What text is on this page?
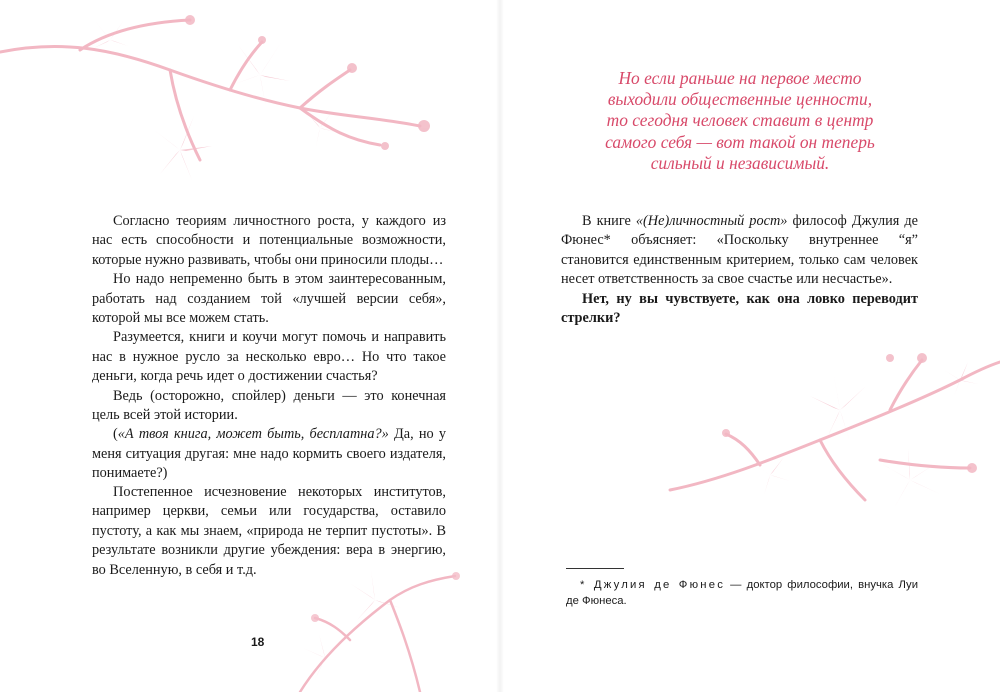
Согласно теориям личностного роста, у каждого из нас есть способности и потенциальные возможности, которые нужно развивать, чтобы они приносили плоды…

Но надо непременно быть в этом заинтересованным, работать над созданием той «лучшей версии себя», которой мы все можем стать.

Разумеется, книги и коучи могут помочь и направить нас в нужное русло за несколько евро… Но что такое деньги, когда речь идет о достижении счастья?

Ведь (осторожно, спойлер) деньги — это конечная цель всей этой истории.

(«А твоя книга, может быть, бесплатна?» Да, но у меня ситуация другая: мне надо кормить своего издателя, понимаете?)

Постепенное исчезновение некоторых институтов, например церкви, семьи или государства, оставило пустоту, а как мы знаем, «природа не терпит пустоты». В результате возникли другие убеждения: вера в энергию, во Вселенную, в себя и т.д.

18
Но если раньше на первое место
выходили общественные ценности,
то сегодня человек ставит в центр
самого себя — вот такой он теперь
сильный и независимый.

В книге «(Не)личностный рост» философ Джулия де Фюнес* объясняет: «Поскольку внутреннее “я” становится единственным критерием, только сам человек несет ответственность за свое счастье или несчастье».

Нет, ну вы чувствуете, как она ловко переводит стрелки?

* Джулия де Фюнес — доктор философии, внучка Луи де Фюнеса.
